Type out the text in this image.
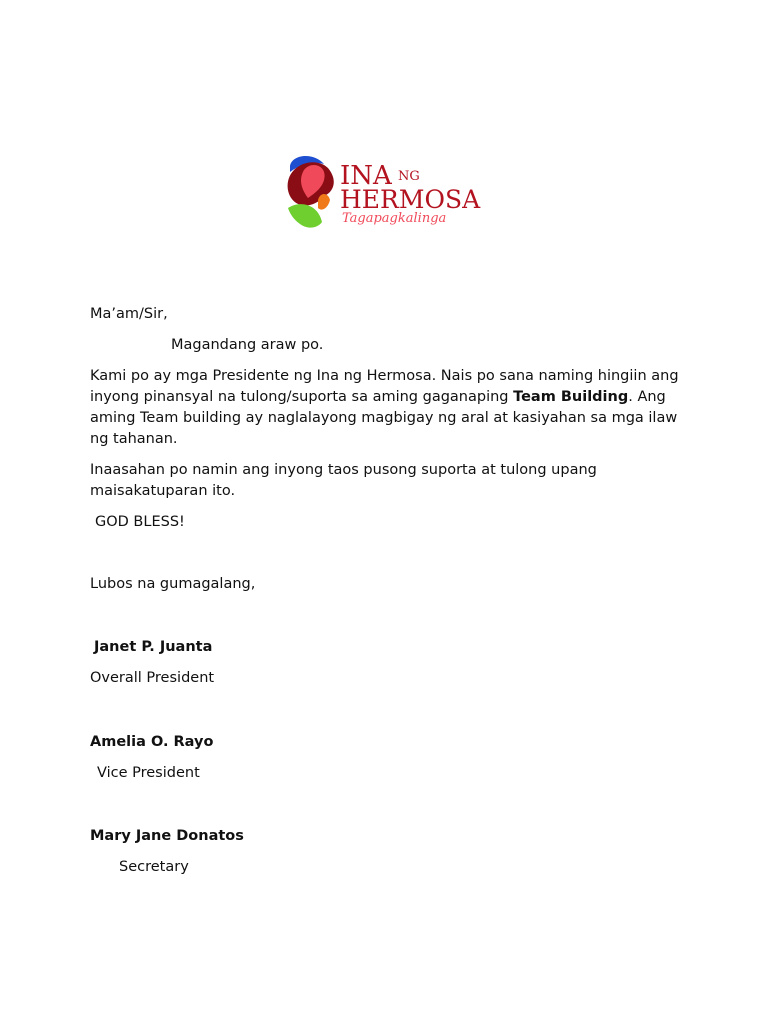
INA NG
HERMOSA
Tagapagkalinga
Ma’am/Sir,
Magandang araw po.
Kami po ay mga Presidente ng Ina ng Hermosa. Nais po sana naming hingiin ang inyong pinansyal na tulong/suporta sa aming gaganaping Team Building. Ang aming Team building ay naglalayong magbigay ng aral at kasiyahan sa mga ilaw ng tahanan.
Inaasahan po namin ang inyong taos pusong suporta at tulong upang maisakatuparan ito.
GOD BLESS!
Lubos na gumagalang,
Janet P. Juanta
Overall President
Amelia O. Rayo
Vice President
Mary Jane Donatos
Secretary
